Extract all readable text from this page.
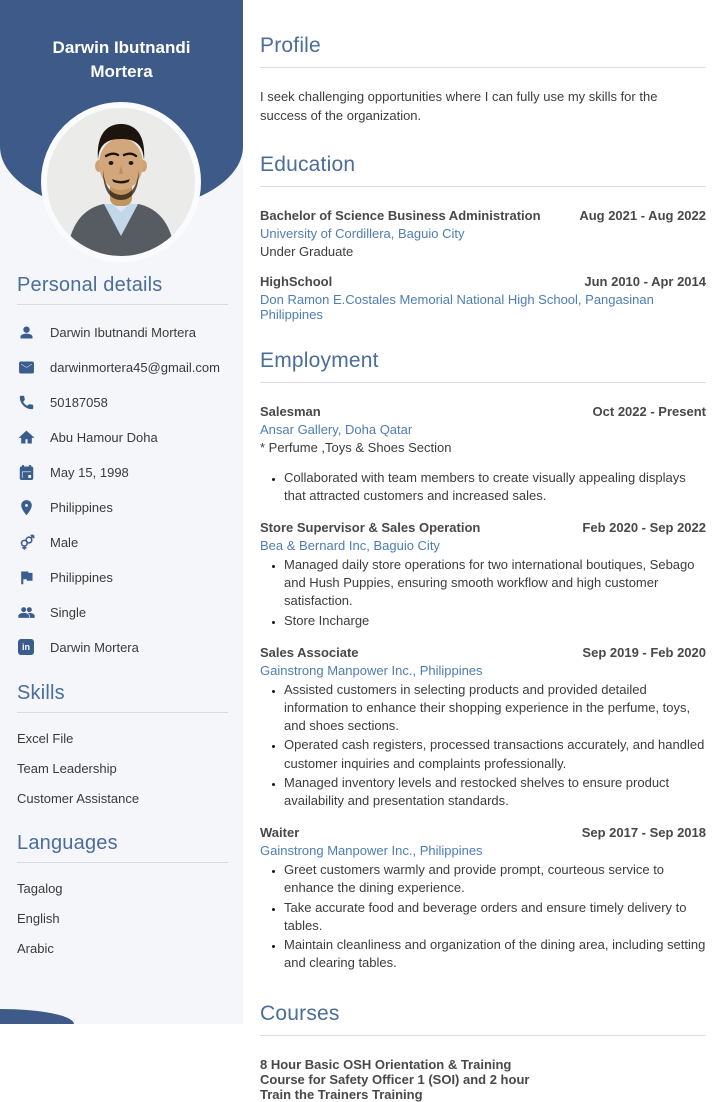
Darwin Ibutnandi
Mortera
Personal details
Darwin Ibutnandi Mortera
darwinmortera45@gmail.com
50187058
Abu Hamour Doha
May 15, 1998
Philippines
Male
Philippines
Single
in	Darwin Mortera
Skills
Excel File
Team Leadership
Customer Assistance
Languages
Tagalog
English
Arabic
Profile

I seek challenging opportunities where I can fully use my skills for the success of the organization.

Education
Bachelor of Science Business Administration	Aug 2021 - Aug 2022
University of Cordillera, Baguio City
Under Graduate
HighSchool	Jun 2010 - Apr 2014
Don Ramon E.Costales Memorial National High School, Pangasinan Philippines
Employment
Salesman	Oct 2022 - Present
Ansar Gallery, Doha Qatar
* Perfume ,Toys & Shoes Section
• Collaborated with team members to create visually appealing displays that attracted customers and increased sales.
Store Supervisor & Sales Operation	Feb 2020 - Sep 2022
Bea & Bernard Inc, Baguio City
• Managed daily store operations for two international boutiques, Sebago and Hush Puppies, ensuring smooth workflow and high customer satisfaction.
• Store Incharge
Sales Associate	Sep 2019 - Feb 2020
Gainstrong Manpower Inc., Philippines
• Assisted customers in selecting products and provided detailed information to enhance their shopping experience in the perfume, toys, and shoes sections.
• Operated cash registers, processed transactions accurately, and handled customer inquiries and complaints professionally.
• Managed inventory levels and restocked shelves to ensure product availability and presentation standards.
Waiter	Sep 2017 - Sep 2018
Gainstrong Manpower Inc., Philippines
• Greet customers warmly and provide prompt, courteous service to enhance the dining experience.
• Take accurate food and beverage orders and ensure timely delivery to tables.
• Maintain cleanliness and organization of the dining area, including setting and clearing tables.
Courses
8 Hour Basic OSH Orientation & Training
Course for Safety Officer 1 (SOI) and 2 hour
Train the Trainers Training
